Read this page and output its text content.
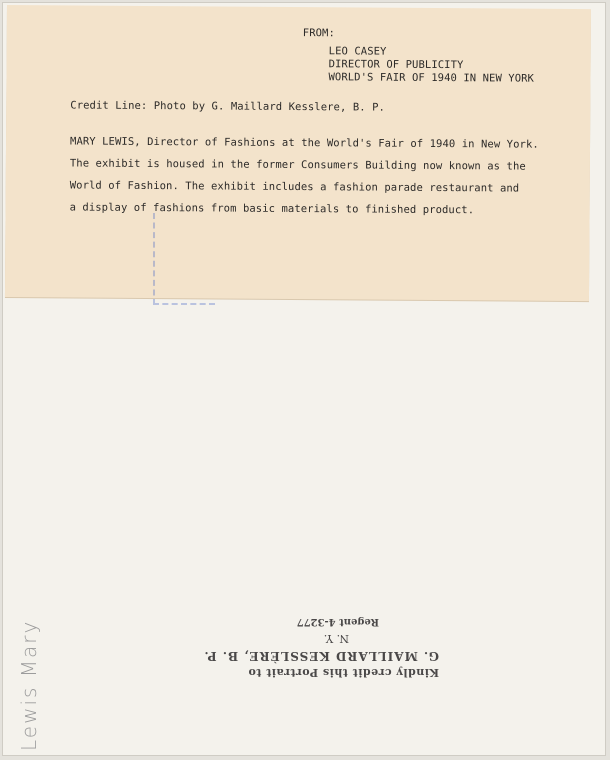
FROM:

LEO CASEY

DIRECTOR OF PUBLICITY

WORLD'S FAIR OF 1940 IN NEW YORK

Credit Line: Photo by G. Maillard Kesslere, B. P.

MARY LEWIS, Director of Fashions at the World's Fair of 1940 in New York.

The exhibit is housed in the former Consumers Building now known as the

World of Fashion. The exhibit includes a fashion parade restaurant and

a display of fashions from basic materials to finished product.

Kindly credit this Portrait to
G. MAILLARD KESSLÈRE, B. P.
N. Y.
Regent 4-3277
Lewis Mary
